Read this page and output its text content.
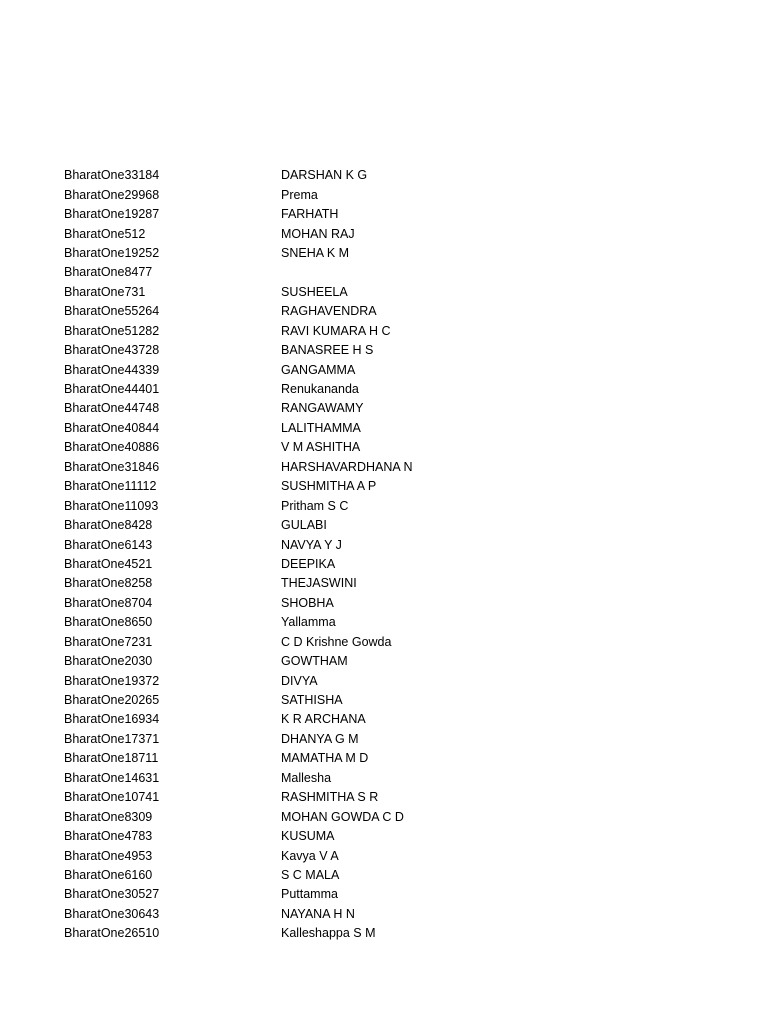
BharatOne33184	DARSHAN K G
BharatOne29968	Prema
BharatOne19287	FARHATH
BharatOne512	MOHAN RAJ
BharatOne19252	SNEHA K M
BharatOne8477
BharatOne731	SUSHEELA
BharatOne55264	RAGHAVENDRA
BharatOne51282	RAVI KUMARA H C
BharatOne43728	BANASREE H S
BharatOne44339	GANGAMMA
BharatOne44401	Renukananda
BharatOne44748	RANGAWAMY
BharatOne40844	LALITHAMMA
BharatOne40886	V M ASHITHA
BharatOne31846	HARSHAVARDHANA N
BharatOne11112	SUSHMITHA A P
BharatOne11093	Pritham S C
BharatOne8428	GULABI
BharatOne6143	NAVYA Y J
BharatOne4521	DEEPIKA
BharatOne8258	THEJASWINI
BharatOne8704	SHOBHA
BharatOne8650	Yallamma
BharatOne7231	C D Krishne Gowda
BharatOne2030	GOWTHAM
BharatOne19372	DIVYA
BharatOne20265	SATHISHA
BharatOne16934	K R ARCHANA
BharatOne17371	DHANYA G M
BharatOne18711	MAMATHA M D
BharatOne14631	Mallesha
BharatOne10741	RASHMITHA S R
BharatOne8309	MOHAN GOWDA C D
BharatOne4783	KUSUMA
BharatOne4953	Kavya V A
BharatOne6160	S C MALA
BharatOne30527	Puttamma
BharatOne30643	NAYANA H N
BharatOne26510	Kalleshappa S M
